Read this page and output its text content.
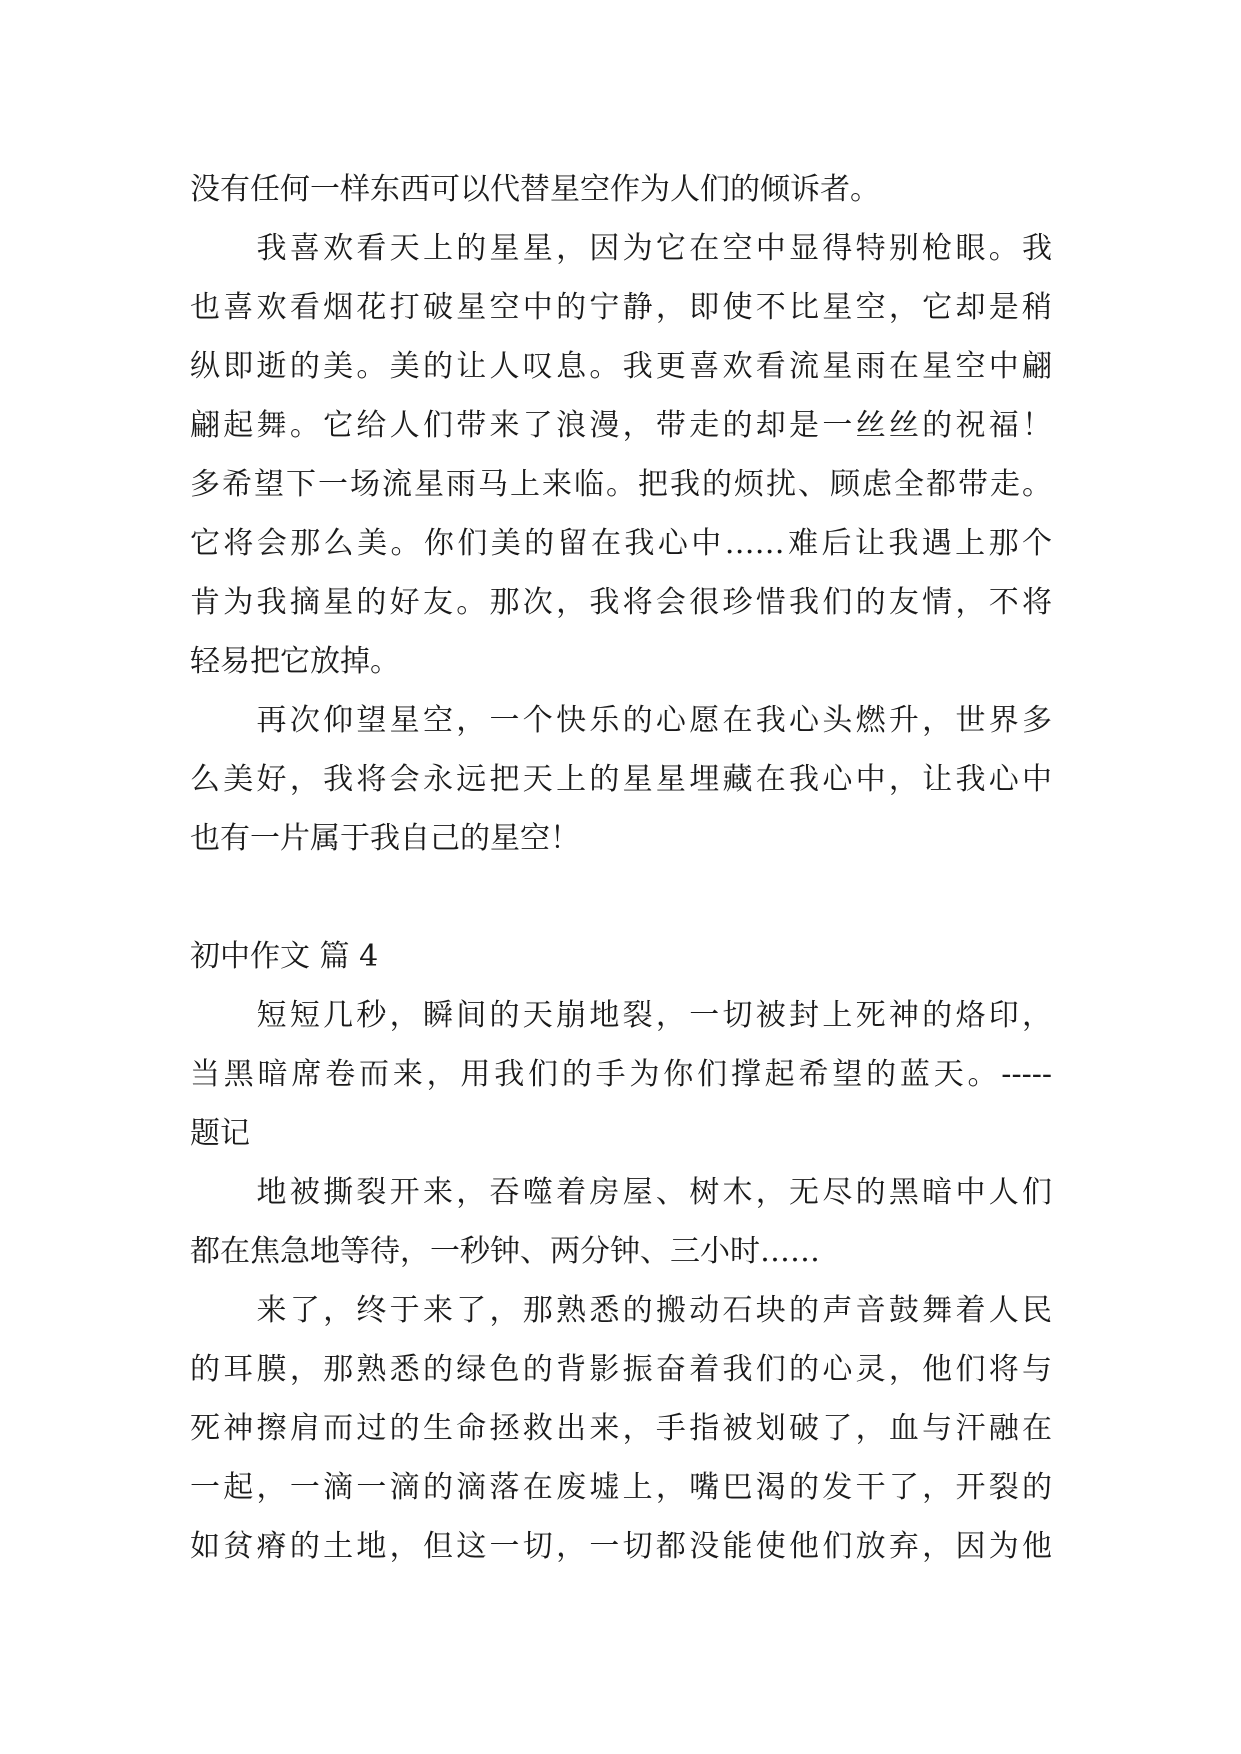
没有任何一样东西可以代替星空作为人们的倾诉者。
　　我喜欢看天上的星星，因为它在空中显得特别枪眼。我
也喜欢看烟花打破星空中的宁静，即使不比星空，它却是稍
纵即逝的美。美的让人叹息。我更喜欢看流星雨在星空中翩
翩起舞。它给人们带来了浪漫，带走的却是一丝丝的祝福！
多希望下一场流星雨马上来临。把我的烦扰、顾虑全都带走。
它将会那么美。你们美的留在我心中……难后让我遇上那个
肯为我摘星的好友。那次，我将会很珍惜我们的友情，不将
轻易把它放掉。
　　再次仰望星空，一个快乐的心愿在我心头燃升，世界多
么美好，我将会永远把天上的星星埋藏在我心中，让我心中
也有一片属于我自己的星空！
初中作文 篇 4
　　短短几秒，瞬间的天崩地裂，一切被封上死神的烙印，
当黑暗席卷而来，用我们的手为你们撑起希望的蓝天。-----
题记
　　地被撕裂开来，吞噬着房屋、树木，无尽的黑暗中人们
都在焦急地等待，一秒钟、两分钟、三小时……
　　来了，终于来了，那熟悉的搬动石块的声音鼓舞着人民
的耳膜，那熟悉的绿色的背影振奋着我们的心灵，他们将与
死神擦肩而过的生命拯救出来，手指被划破了，血与汗融在
一起，一滴一滴的滴落在废墟上，嘴巴渴的发干了，开裂的
如贫瘠的土地，但这一切，一切都没能使他们放弃，因为他
